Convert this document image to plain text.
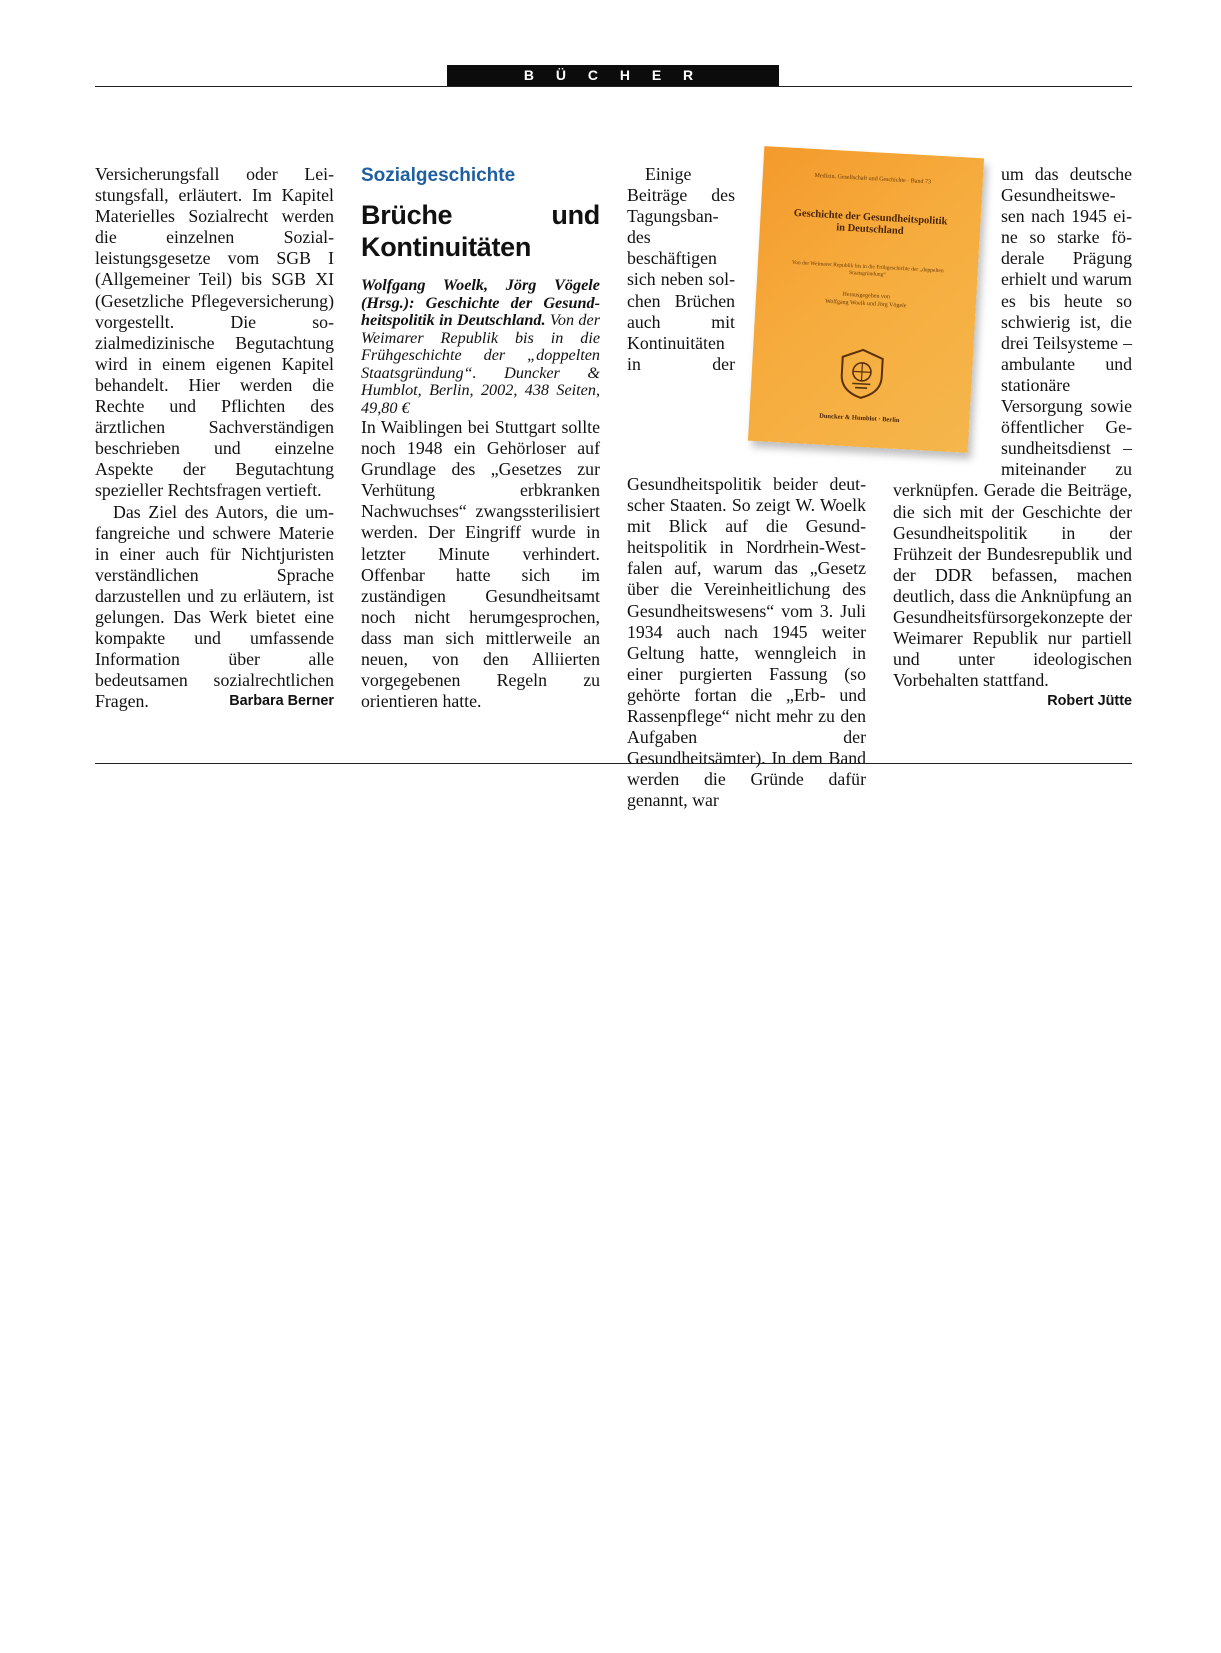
B Ü C H E R

Versicherungsfall oder Leistungsfall, erläutert. Im Kapitel Materielles Sozialrecht werden die einzelnen Sozialleistungsgesetze vom SGB I (Allgemeiner Teil) bis SGB XI (Gesetzliche Pflegeversicherung) vorgestellt. Die sozialmedizinische Begutachtung wird in einem eigenen Kapitel behandelt. Hier werden die Rechte und Pflichten des ärztlichen Sachverständigen beschrieben und einzelne Aspekte der Begutachtung spezieller Rechtsfragen vertieft.

Das Ziel des Autors, die umfangreiche und schwere Materie in einer auch für Nichtjuristen verständlichen Sprache darzustellen und zu erläutern, ist gelungen. Das Werk bietet eine kompakte und umfassende Information über alle bedeutsamen sozialrechtlichen Fragen.	Barbara Berner

Sozialgeschichte
Brüche und Kontinuitäten

Wolfgang Woelk, Jörg Vögele (Hrsg.): Geschichte der Gesundheitspolitik in Deutschland. Von der Weimarer Republik bis in die Frühgeschichte der „doppelten Staatsgründung“. Duncker & Humblot, Berlin, 2002, 438 Seiten, 49,80 €

In Waiblingen bei Stuttgart sollte noch 1948 ein Gehörloser auf Grundlage des „Gesetzes zur Verhütung erbkranken Nachwuchses“ zwangssterilisiert werden. Der Eingriff wurde in letzter Minute verhindert. Offenbar hatte sich im zuständigen Gesundheitsamt noch nicht herumgesprochen, dass man sich mittlerweile an neuen, von den Alliierten vorgegebenen Regeln zu orientieren hatte.

Einige Beiträge des Tagungsbandes beschäftigen sich neben solchen Brüchen auch mit Kontinuitäten in der Gesundheitspolitik beider deutscher Staaten. So zeigt W. Woelk mit Blick auf die Gesundheitspolitik in Nordrhein-Westfalen auf, warum das „Gesetz über die Vereinheitlichung des Gesundheitswesens“ vom 3. Juli 1934 auch nach 1945 weiter Geltung hatte, wenngleich in einer purgierten Fassung (so gehörte fortan die „Erb- und Rassenpflege“ nicht mehr zu den Aufgaben der Gesundheitsämter). In dem Band werden die Gründe dafür genannt, war

um das deutsche Gesundheitswesen nach 1945 eine so starke föderale Prägung erhielt und warum es bis heute so schwierig ist, die drei Teilsysteme – ambulante und stationäre Versorgung sowie öffentlicher Gesundheitsdienst – miteinander zu verknüpfen. Gerade die Beiträge, die sich mit der Geschichte der Gesundheitspolitik in der Frühzeit der Bundesrepublik und der DDR befassen, machen deutlich, dass die Anknüpfung an Gesundheitsfürsorgekonzepte der Weimarer Republik nur partiell und unter ideologischen Vorbehalten stattfand.
Robert Jütte

Medizin, Gesellschaft und Geschichte · Band 73
Geschichte der Gesundheitspolitik in Deutschland
Von der Weimarer Republik bis in die Frühgeschichte der „doppelten Staatsgründung“
Herausgegeben von
Wolfgang Woelk und Jörg Vögele
Duncker & Humblot · Berlin
